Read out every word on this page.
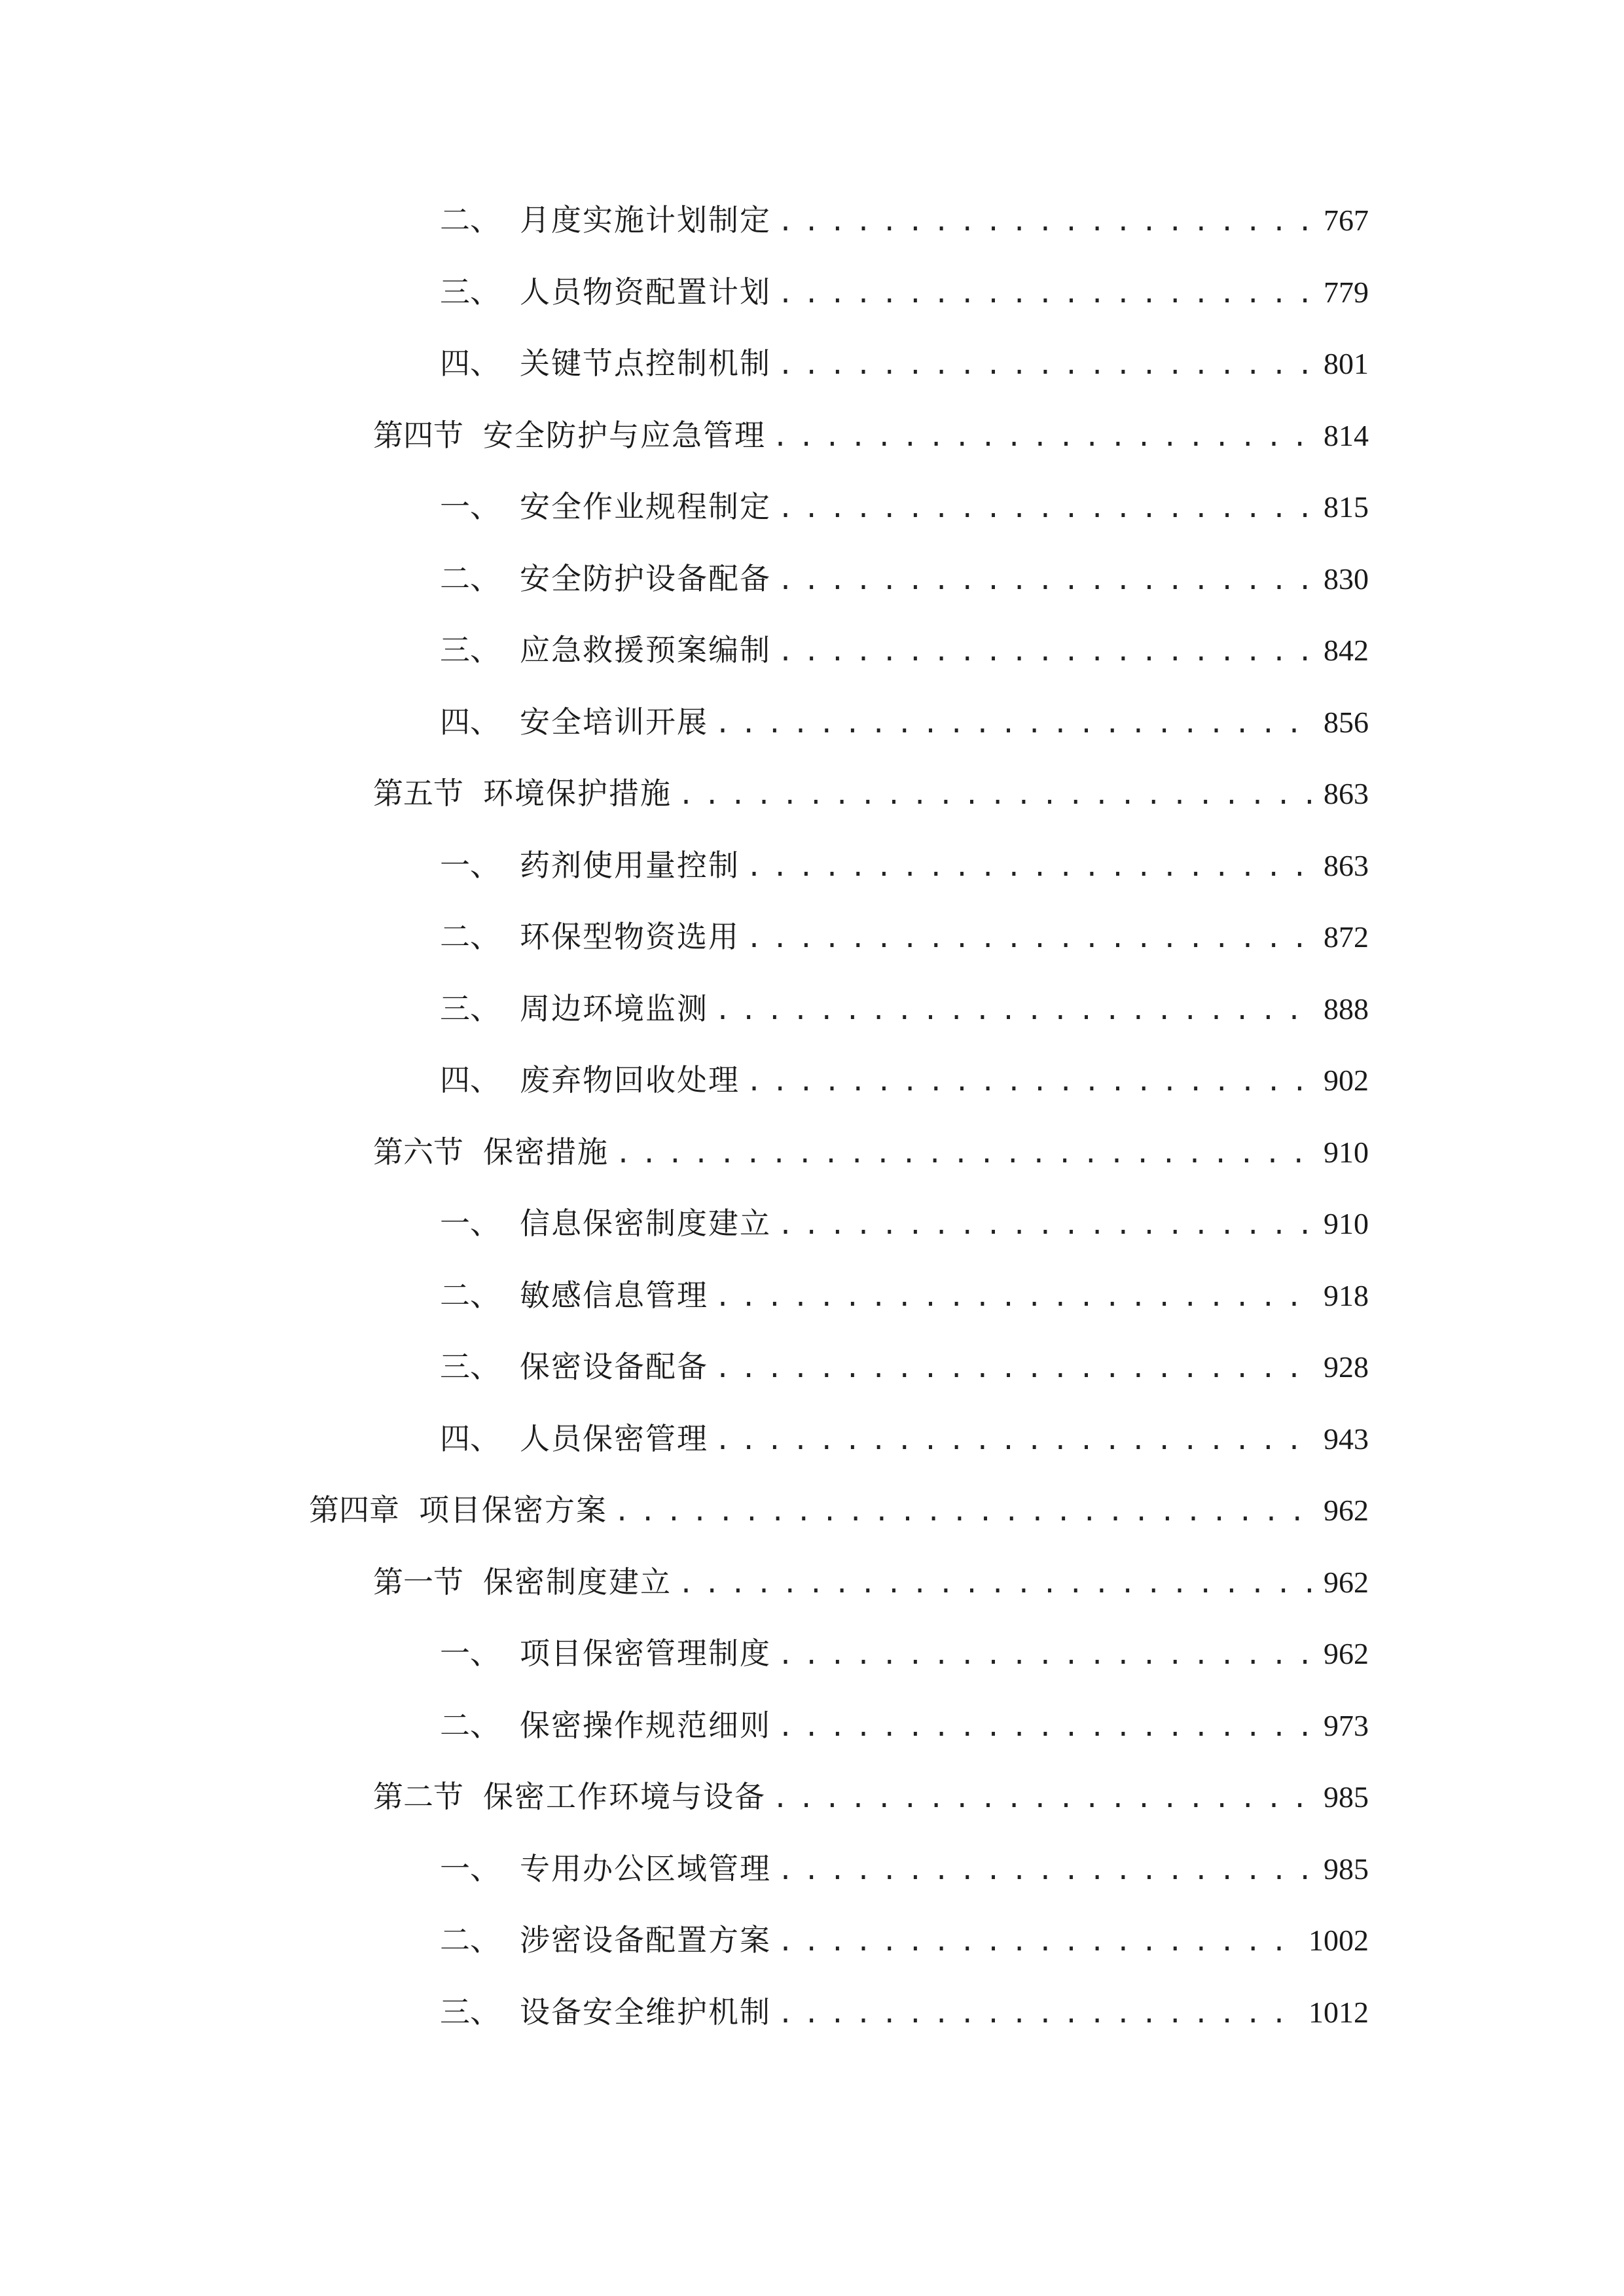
二、 月度实施计划制定 .....	767
三、 人员物资配置计划 .....	779
四、 关键节点控制机制 .....	801
第四节 安全防护与应急管理 .....	814
一、 安全作业规程制定 .....	815
二、 安全防护设备配备 .....	830
三、 应急救援预案编制 .....	842
四、 安全培训开展 .....	856
第五节 环境保护措施 .....	863
一、 药剂使用量控制 .....	863
二、 环保型物资选用 .....	872
三、 周边环境监测 .....	888
四、 废弃物回收处理 .....	902
第六节 保密措施 .....	910
一、 信息保密制度建立 .....	910
二、 敏感信息管理 .....	918
三、 保密设备配备 .....	928
四、 人员保密管理 .....	943
第四章 项目保密方案 .....	962
第一节 保密制度建立 .....	962
一、 项目保密管理制度 .....	962
二、 保密操作规范细则 .....	973
第二节 保密工作环境与设备 .....	985
一、 专用办公区域管理 .....	985
二、 涉密设备配置方案 .....	1002
三、 设备安全维护机制 .....	1012
